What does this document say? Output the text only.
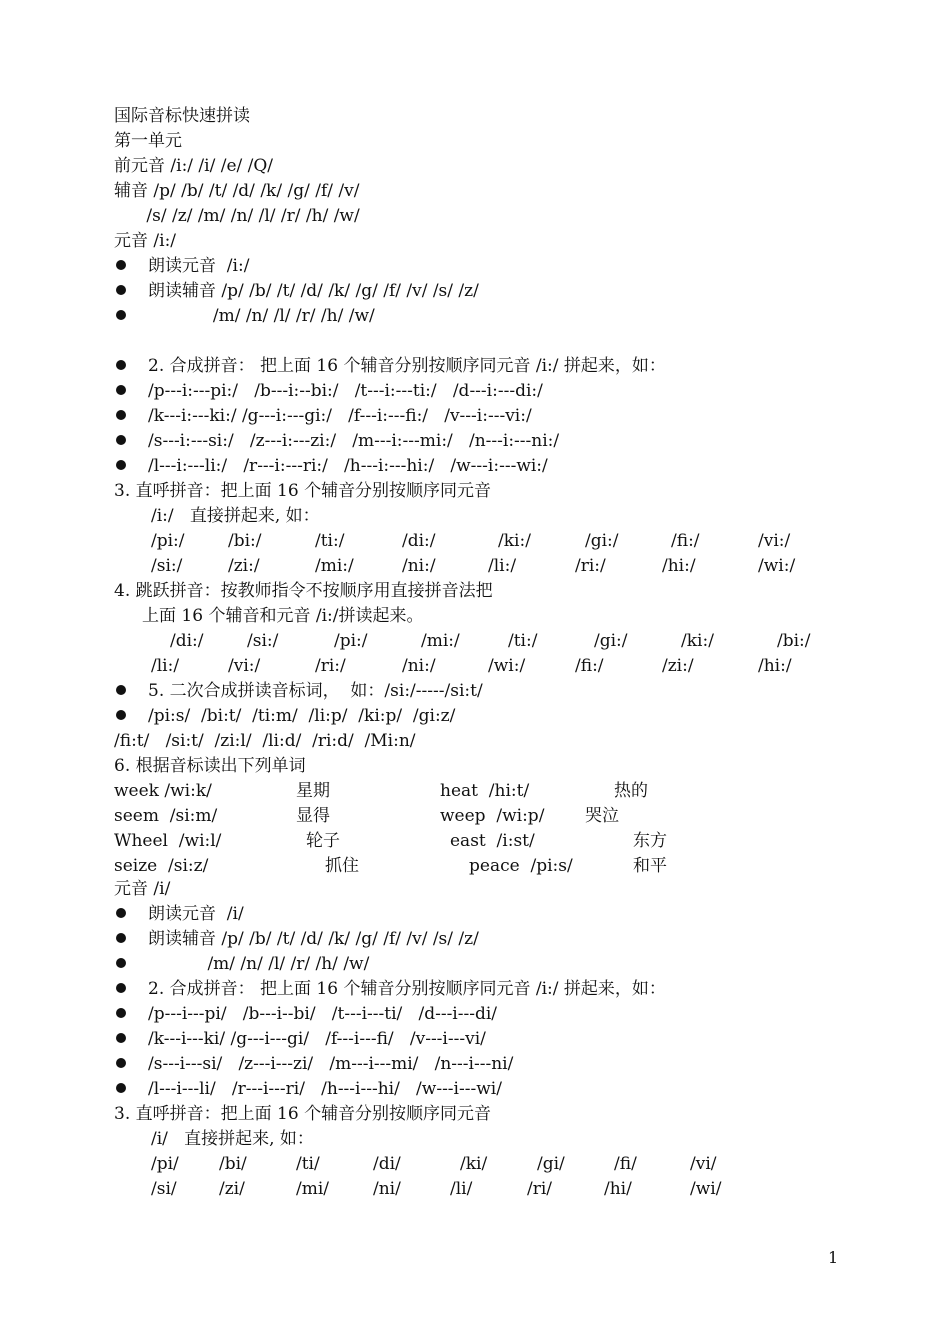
国际音标快速拼读
第一单元
前元音 /i:/ /i/ /e/ /Q/
辅音 /p/ /b/ /t/ /d/ /k/ /g/ /f/ /v/
/s/ /z/ /m/ /n/ /l/ /r/ /h/ /w/
元音 /i:/
朗读元音  /i:/
朗读辅音 /p/ /b/ /t/ /d/ /k/ /g/ /f/ /v/ /s/ /z/
/m/ /n/ /l/ /r/ /h/ /w/
2. 合成拼音： 把上面 16 个辅音分别按顺序同元音 /i:/ 拼起来，如：
/p---i:---pi:/   /b---i:--bi:/   /t---i:---ti:/   /d---i:---di:/
/k---i:---ki:/ /g---i:---gi:/   /f---i:---fi:/   /v---i:---vi:/
/s---i:---si:/   /z---i:---zi:/   /m---i:---mi:/   /n---i:---ni:/
/l---i:---li:/   /r---i:---ri:/   /h---i:---hi:/   /w---i:---wi:/
3. 直呼拼音：把上面 16 个辅音分别按顺序同元音
/i:/   直接拼起来, 如：
/pi:/	/bi:/	/ti:/	/di:/	/ki:/	/gi:/	/fi:/	/vi:/
/si:/	/zi:/	/mi:/	/ni:/	/li:/	/ri:/	/hi:/	/wi:/
4. 跳跃拼音：按教师指令不按顺序用直接拼音法把
上面 16 个辅音和元音 /i:/拼读起来。
/di:/	/si:/	/pi:/	/mi:/	/ti:/	/gi:/	/ki:/	/bi:/
/li:/	/vi:/	/ri:/	/ni:/	/wi:/	/fi:/	/zi:/	/hi:/
5. 二次合成拼读音标词，  如：/si:/-----/si:t/
/pi:s/  /bi:t/  /ti:m/  /li:p/  /ki:p/  /gi:z/
/fi:t/   /si:t/  /zi:l/  /li:d/  /ri:d/  /Mi:n/
6. 根据音标读出下列单词
week /wi:k/	星期	heat  /hi:t/	热的
seem  /si:m/	显得	weep  /wi:p/ 哭泣
Wheel  /wi:l/	轮子	east  /i:st/	东方
seize  /si:z/	抓住	peace  /pi:s/	和平
元音 /i/
朗读元音  /i/
朗读辅音 /p/ /b/ /t/ /d/ /k/ /g/ /f/ /v/ /s/ /z/
/m/ /n/ /l/ /r/ /h/ /w/
2. 合成拼音： 把上面 16 个辅音分别按顺序同元音 /i:/ 拼起来，如：
/p---i---pi/   /b---i--bi/   /t---i---ti/   /d---i---di/
/k---i---ki/ /g---i---gi/   /f---i---fi/   /v---i---vi/
/s---i---si/   /z---i---zi/   /m---i---mi/   /n---i---ni/
/l---i---li/   /r---i---ri/   /h---i---hi/   /w---i---wi/
3. 直呼拼音：把上面 16 个辅音分别按顺序同元音
/i/   直接拼起来, 如：
/pi/ /bi/	/ti/	/di/	/ki/	/gi/	/fi/	/vi/
/si/ /zi/	/mi/	/ni/	/li/	/ri/	/hi/	/wi/
1
